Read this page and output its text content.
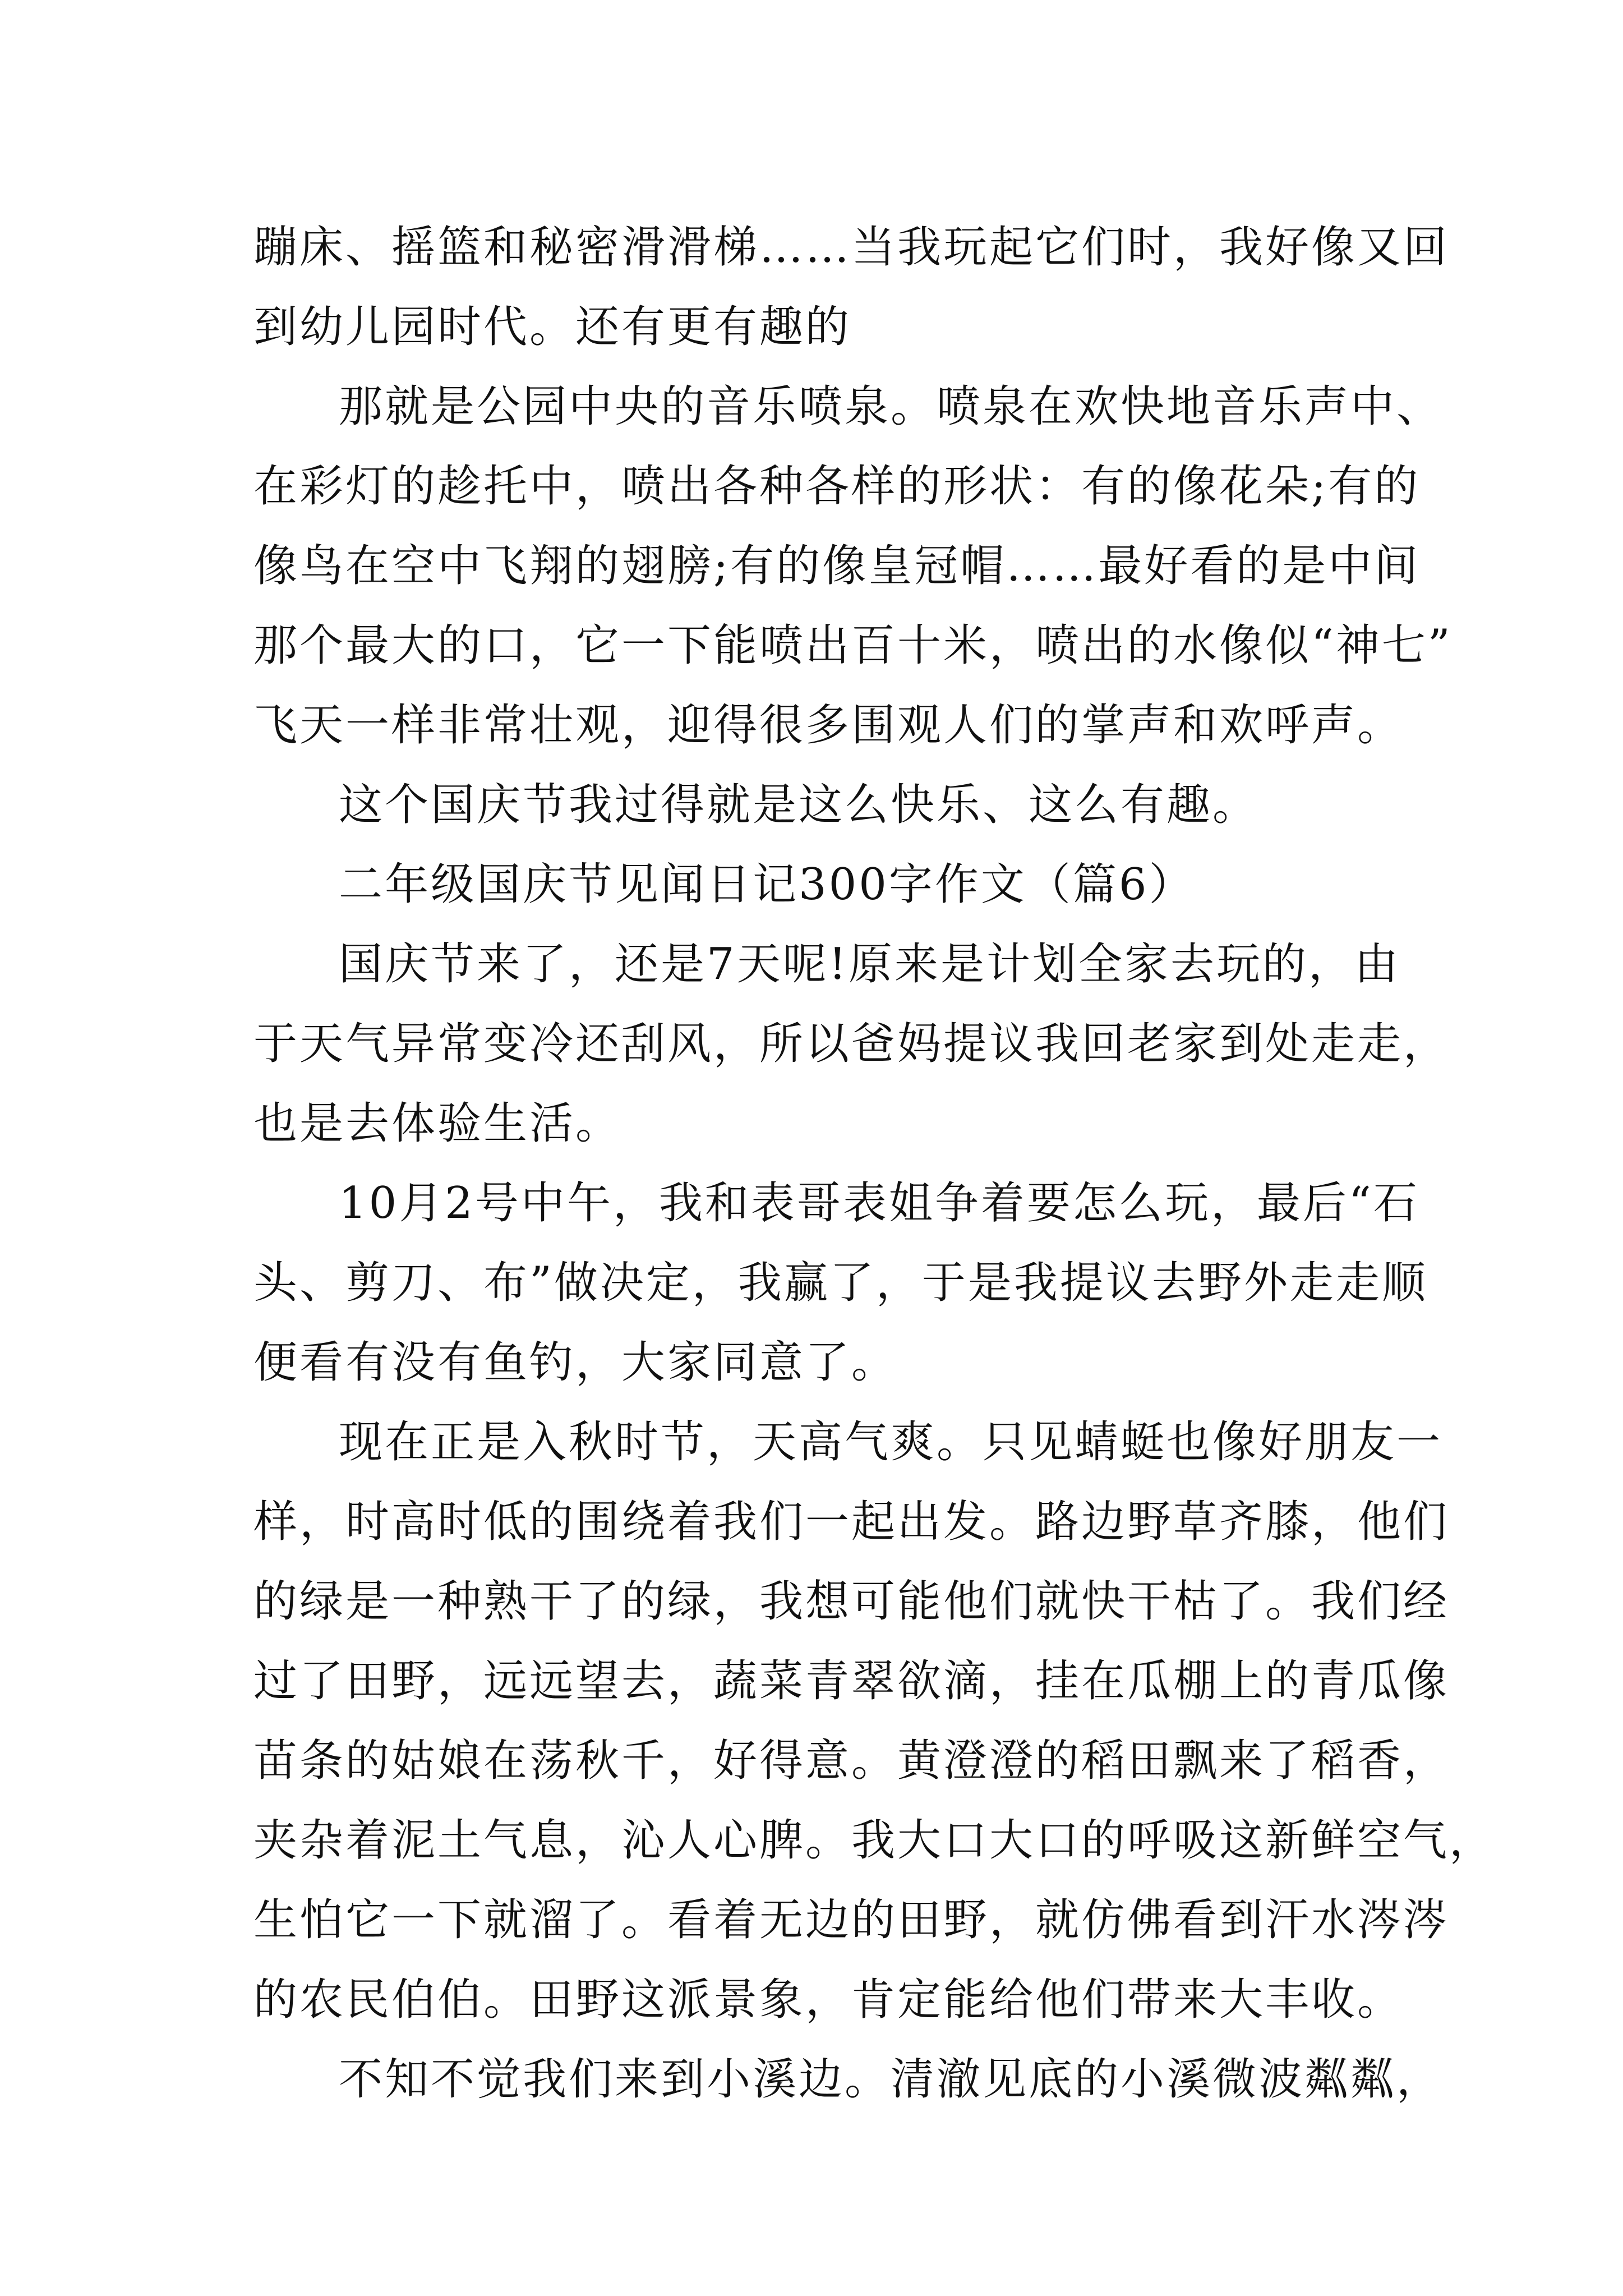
蹦床、摇篮和秘密滑滑梯……当我玩起它们时，我好像又回
到幼儿园时代。还有更有趣的
那就是公园中央的音乐喷泉。喷泉在欢快地音乐声中、
在彩灯的趁托中，喷出各种各样的形状：有的像花朵;有的
像鸟在空中飞翔的翅膀;有的像皇冠帽……最好看的是中间
那个最大的口，它一下能喷出百十米，喷出的水像似“神七”
飞天一样非常壮观，迎得很多围观人们的掌声和欢呼声。
这个国庆节我过得就是这么快乐、这么有趣。
二年级国庆节见闻日记300字作文（篇6）
国庆节来了，还是7天呢!原来是计划全家去玩的，由
于天气异常变冷还刮风，所以爸妈提议我回老家到处走走，
也是去体验生活。
10月2号中午，我和表哥表姐争着要怎么玩，最后“石
头、剪刀、布”做决定，我赢了，于是我提议去野外走走顺
便看有没有鱼钓，大家同意了。
现在正是入秋时节，天高气爽。只见蜻蜓也像好朋友一
样，时高时低的围绕着我们一起出发。路边野草齐膝，他们
的绿是一种熟干了的绿，我想可能他们就快干枯了。我们经
过了田野，远远望去，蔬菜青翠欲滴，挂在瓜棚上的青瓜像
苗条的姑娘在荡秋千，好得意。黄澄澄的稻田飘来了稻香，
夹杂着泥土气息，沁人心脾。我大口大口的呼吸这新鲜空气，
生怕它一下就溜了。看着无边的田野，就仿佛看到汗水涔涔
的农民伯伯。田野这派景象，肯定能给他们带来大丰收。
不知不觉我们来到小溪边。清澈见底的小溪微波粼粼，
